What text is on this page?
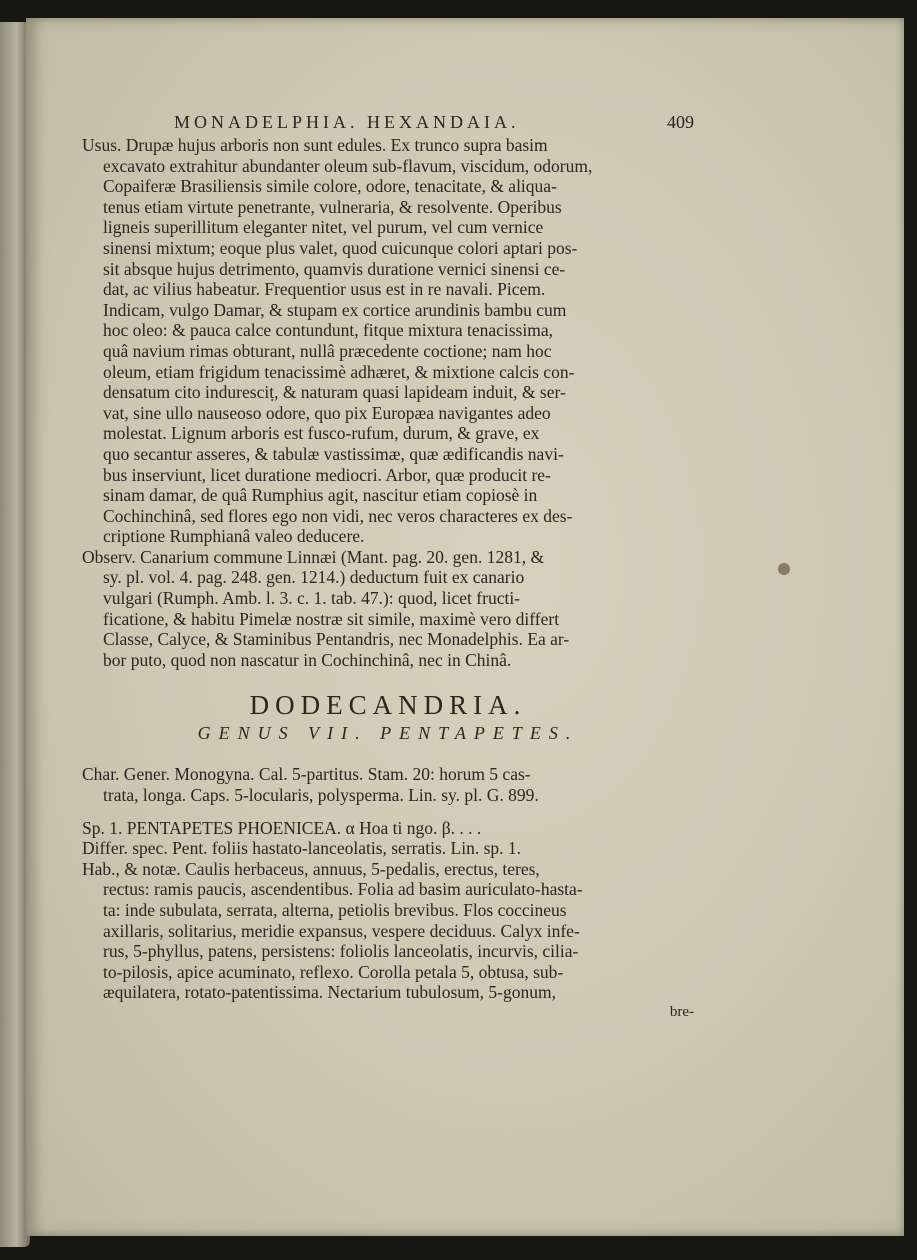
MONADELPHIA. HEXANDAIA.	409

Usus. Drupæ hujus arboris non sunt edules. Ex trunco supra basim
excavato extrahitur abundanter oleum sub-flavum, viscidum, odorum,
Copaiferæ Brasiliensis simile colore, odore, tenacitate, & aliqua-
tenus etiam virtute penetrante, vulneraria, & resolvente. Operibus
ligneis superillitum eleganter nitet, vel purum, vel cum vernice
sinensi mixtum; eoque plus valet, quod cuicunque colori aptari pos-
sit absque hujus detrimento, quamvis duratione vernici sinensi ce-
dat, ac vilius habeatur. Frequentior usus est in re navali. Picem.
Indicam, vulgo Damar, & stupam ex cortice arundinis bambu cum
hoc oleo: & pauca calce contundunt, fitque mixtura tenacissima,
quâ navium rimas obturant, nullâ præcedente coctione; nam hoc
oleum, etiam frigidum tenacissimè adhæret, & mixtione calcis con-
densatum cito induresciṭ, & naturam quasi lapideam induit, & ser-
vat, sine ullo nauseoso odore, quo pix Europæa navigantes adeo
molestat. Lignum arboris est fusco-rufum, durum, & grave, ex
quo secantur asseres, & tabulæ vastissimæ, quæ ædificandis navi-
bus inserviunt, licet duratione mediocri. Arbor, quæ producit re-
sinam damar, de quâ Rumphius agit, nascitur etiam copiosè in
Cochinchinâ, sed flores ego non vidi, nec veros characteres ex des-
criptione Rumphianâ valeo deducere.

Observ. Canarium commune Linnæi (Mant. pag. 20. gen. 1281, &
sy. pl. vol. 4. pag. 248. gen. 1214.) deductum fuit ex canario
vulgari (Rumph. Amb. l. 3. c. 1. tab. 47.): quod, licet fructi-
ficatione, & habitu Pimelæ nostræ sit simile, maximè vero differt
Classe, Calyce, & Staminibus Pentandris, nec Monadelphis. Ea ar-
bor puto, quod non nascatur in Cochinchinâ, nec in Chinâ.

DODECANDRIA.
GENUS VII. PENTAPETES.

Char. Gener. Monogyna. Cal. 5-partitus. Stam. 20: horum 5 cas-
trata, longa. Caps. 5-locularis, polysperma. Lin. sy. pl. G. 899.

Sp. 1. PENTAPETES PHOENICEA. α Hoa ti ngo. β. . . .
Differ. spec. Pent. foliis hastato-lanceolatis, serratis. Lin. sp. 1.
Hab., & notæ. Caulis herbaceus, annuus, 5-pedalis, erectus, teres,
rectus: ramis paucis, ascendentibus. Folia ad basim auriculato-hasta-
ta: inde subulata, serrata, alterna, petiolis brevibus. Flos coccineus
axillaris, solitarius, meridie expansus, vespere deciduus. Calyx infe-
rus, 5-phyllus, patens, persistens: foliolis lanceolatis, incurvis, cilia-
to-pilosis, apice acuminato, reflexo. Corolla petala 5, obtusa, sub-
æquilatera, rotato-patentissima. Nectarium tubulosum, 5-gonum,

bre-
